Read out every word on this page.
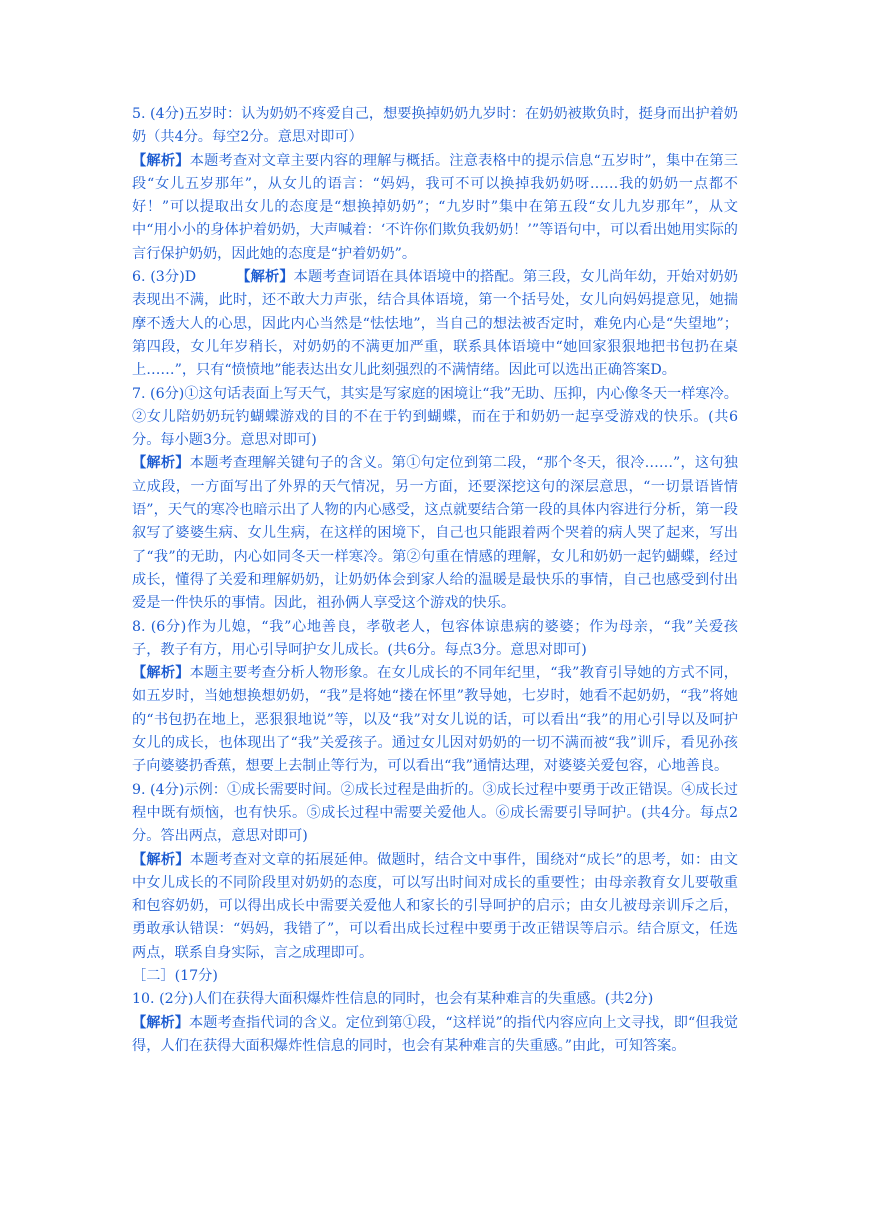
5. (4分)五岁时：认为奶奶不疼爱自己，想要换掉奶奶九岁时：在奶奶被欺负时，挺身而出护着奶奶（共4分。每空2分。意思对即可）

【解析】本题考查对文章主要内容的理解与概括。注意表格中的提示信息“五岁时”，集中在第三段“女儿五岁那年”，从女儿的语言：“妈妈，我可不可以换掉我奶奶呀……我的奶奶一点都不好！”可以提取出女儿的态度是“想换掉奶奶”；“九岁时”集中在第五段“女儿九岁那年”，从文中“用小小的身体护着奶奶，大声喊着：‘不许你们欺负我奶奶！’”等语句中，可以看出她用实际的言行保护奶奶，因此她的态度是“护着奶奶”。

6. (3分)D	【解析】本题考查词语在具体语境中的搭配。第三段，女儿尚年幼，开始对奶奶表现出不满，此时，还不敢大力声张，结合具体语境，第一个括号处，女儿向妈妈提意见，她揣摩不透大人的心思，因此内心当然是“怯怯地”，当自己的想法被否定时，难免内心是“失望地”；第四段，女儿年岁稍长，对奶奶的不满更加严重，联系具体语境中“她回家狠狠地把书包扔在桌上……”，只有“愤愤地”能表达出女儿此刻强烈的不满情绪。因此可以选出正确答案D。

7. (6分)①这句话表面上写天气，其实是写家庭的困境让“我”无助、压抑，内心像冬天一样寒冷。②女儿陪奶奶玩钓蝴蝶游戏的目的不在于钓到蝴蝶，而在于和奶奶一起享受游戏的快乐。(共6分。每小题3分。意思对即可)

【解析】本题考查理解关键句子的含义。第①句定位到第二段，“那个冬天，很冷……”，这句独立成段，一方面写出了外界的天气情况，另一方面，还要深挖这句的深层意思，“一切景语皆情语”，天气的寒冷也暗示出了人物的内心感受，这点就要结合第一段的具体内容进行分析，第一段叙写了婆婆生病、女儿生病，在这样的困境下，自己也只能跟着两个哭着的病人哭了起来，写出了“我”的无助，内心如同冬天一样寒冷。第②句重在情感的理解，女儿和奶奶一起钓蝴蝶，经过成长，懂得了关爱和理解奶奶，让奶奶体会到家人给的温暖是最快乐的事情，自己也感受到付出爱是一件快乐的事情。因此，祖孙俩人享受这个游戏的快乐。

8. (6分)作为儿媳，“我”心地善良，孝敬老人，包容体谅患病的婆婆；作为母亲，“我”关爱孩子，教子有方，用心引导呵护女儿成长。(共6分。每点3分。意思对即可)

【解析】本题主要考查分析人物形象。在女儿成长的不同年纪里，“我”教育引导她的方式不同，如五岁时，当她想换想奶奶，“我”是将她“搂在怀里”教导她，七岁时，她看不起奶奶，“我”将她的“书包扔在地上，恶狠狠地说”等，以及“我”对女儿说的话，可以看出“我”的用心引导以及呵护女儿的成长，也体现出了“我”关爱孩子。通过女儿因对奶奶的一切不满而被“我”训斥，看见孙孩子向婆婆扔香蕉，想要上去制止等行为，可以看出“我”通情达理，对婆婆关爱包容，心地善良。

9. (4分)示例：①成长需要时间。②成长过程是曲折的。③成长过程中要勇于改正错误。④成长过程中既有烦恼，也有快乐。⑤成长过程中需要关爱他人。⑥成长需要引导呵护。(共4分。每点2分。答出两点，意思对即可)

【解析】本题考查对文章的拓展延伸。做题时，结合文中事件，围绕对“成长”的思考，如：由文中女儿成长的不同阶段里对奶奶的态度，可以写出时间对成长的重要性；由母亲教育女儿要敬重和包容奶奶，可以得出成长中需要关爱他人和家长的引导呵护的启示；由女儿被母亲训斥之后，勇敢承认错误：“妈妈，我错了”，可以看出成长过程中要勇于改正错误等启示。结合原文，任选两点，联系自身实际，言之成理即可。

［二］(17分)

10. (2分)人们在获得大面积爆炸性信息的同时，也会有某种难言的失重感。(共2分)

【解析】本题考查指代词的含义。定位到第①段，“这样说”的指代内容应向上文寻找，即“但我觉得，人们在获得大面积爆炸性信息的同时，也会有某种难言的失重感。”由此，可知答案。
